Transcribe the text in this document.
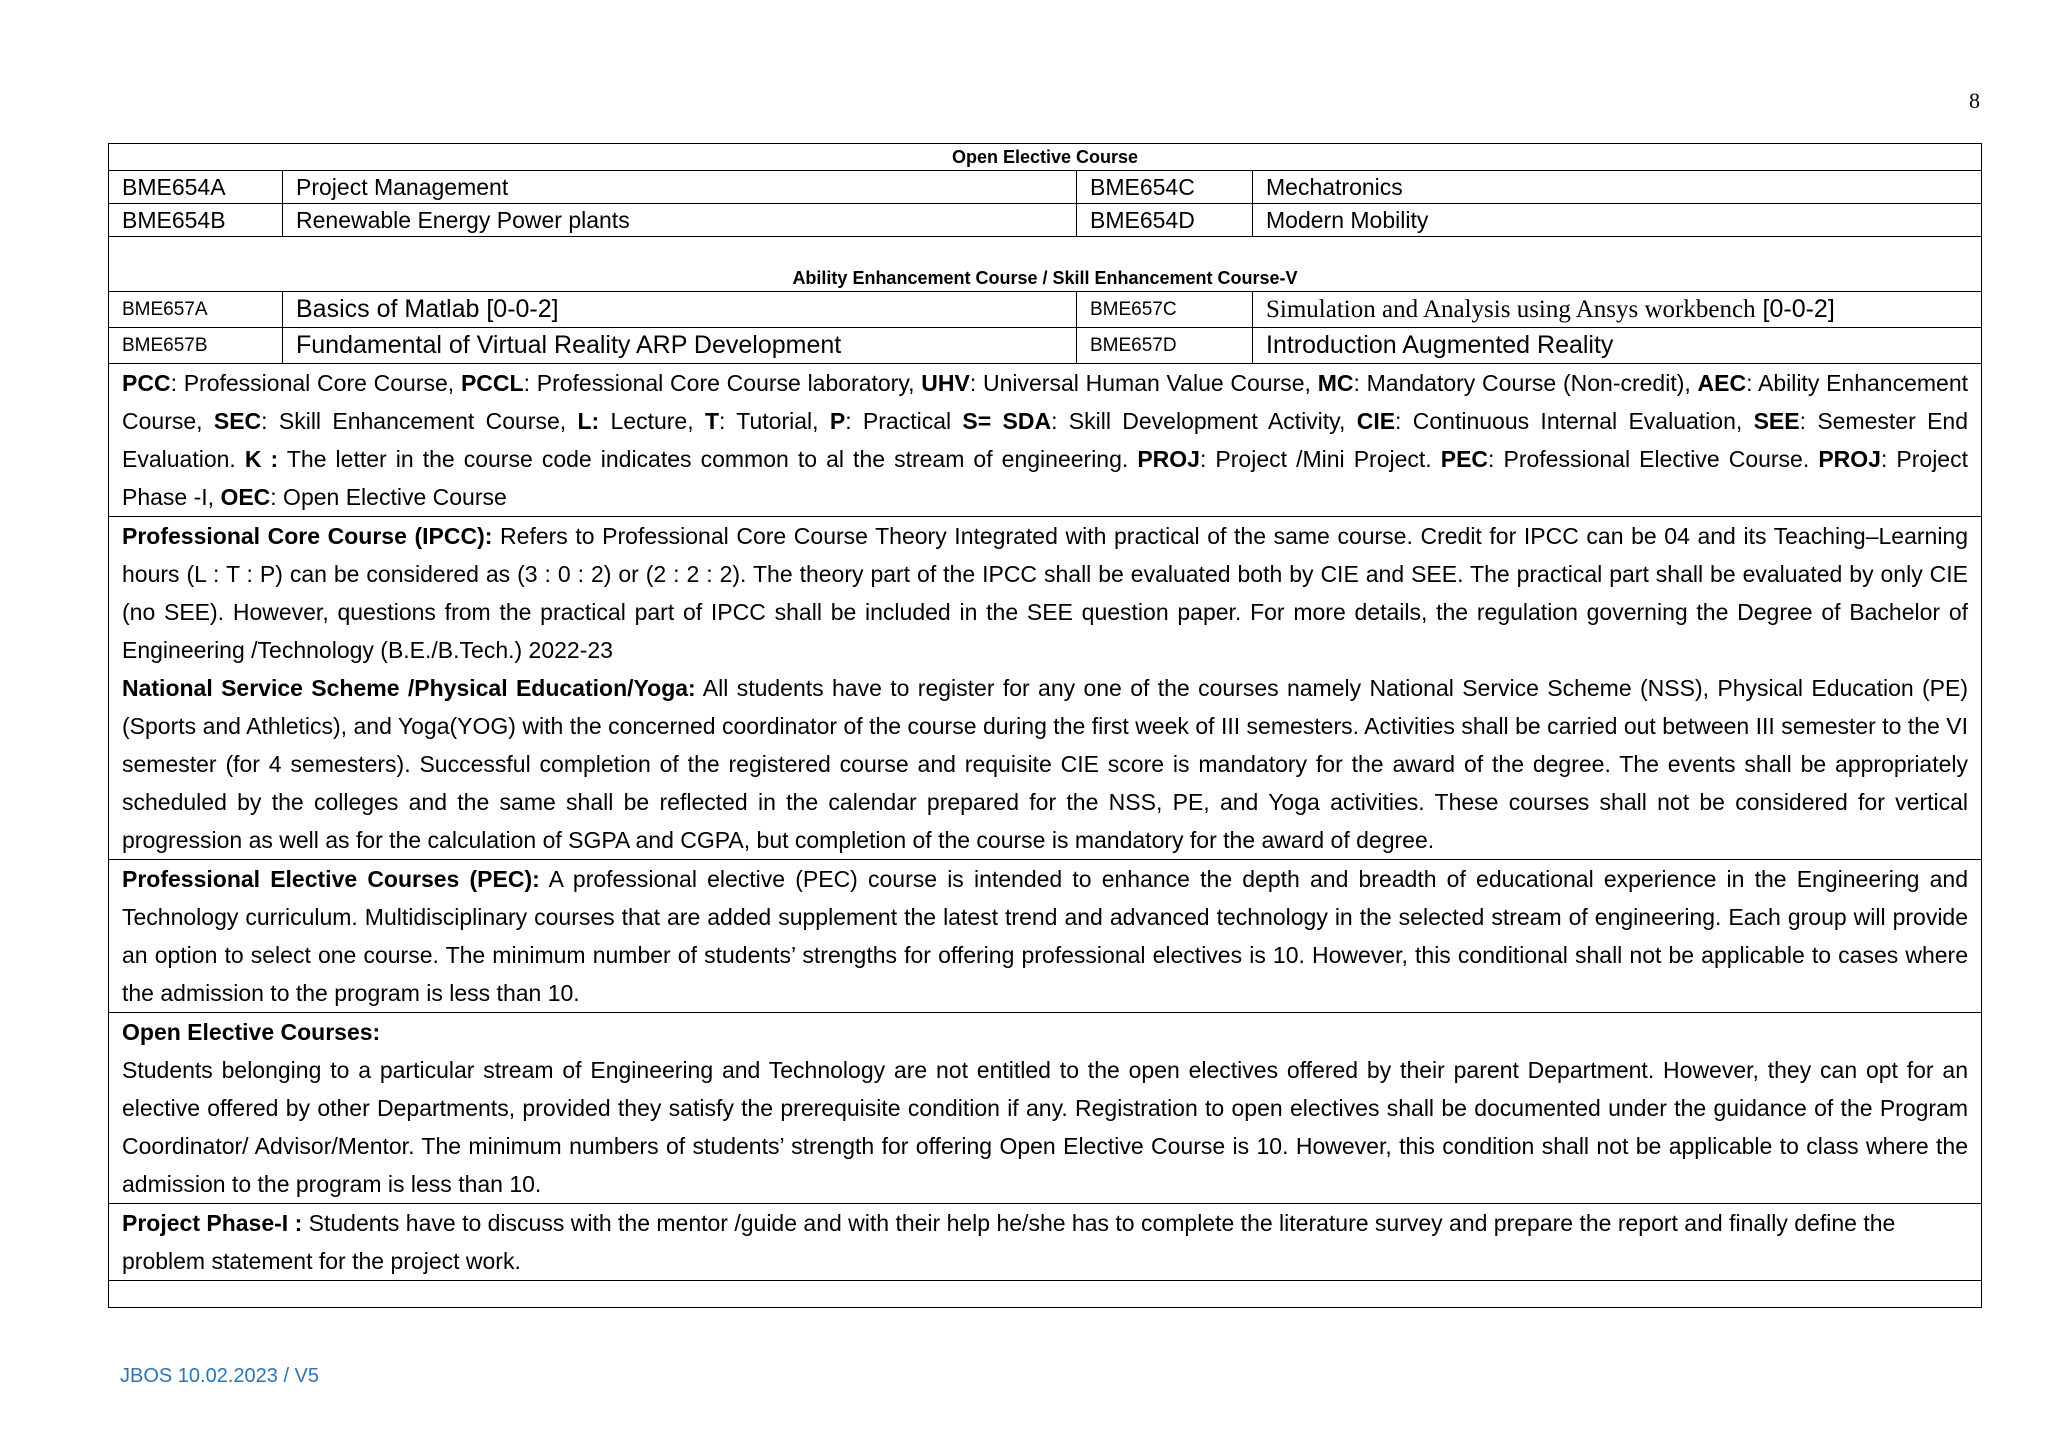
8
Open Elective Course			
BME654A	Project Management	BME654C	Mechatronics
BME654B	Renewable Energy Power plants	BME654D	Modern Mobility
Ability Enhancement Course / Skill Enhancement Course-V			
BME657A	Basics of Matlab [0-0-2]	BME657C	Simulation and Analysis using Ansys workbench [0-0-2]
BME657B	Fundamental of Virtual Reality ARP Development	BME657D	Introduction Augmented Reality

PCC: Professional Core Course, PCCL: Professional Core Course laboratory, UHV: Universal Human Value Course, MC: Mandatory Course (Non-credit), AEC: Ability Enhancement Course, SEC: Skill Enhancement Course, L: Lecture, T: Tutorial, P: Practical S= SDA: Skill Development Activity, CIE: Continuous Internal Evaluation, SEE: Semester End Evaluation. K : The letter in the course code indicates common to al the stream of engineering. PROJ: Project /Mini Project. PEC: Professional Elective Course. PROJ: Project Phase -I, OEC: Open Elective Course			

Professional Core Course (IPCC): Refers to Professional Core Course Theory Integrated with practical of the same course. Credit for IPCC can be 04 and its Teaching–Learning hours (L : T : P) can be considered as (3 : 0 : 2) or (2 : 2 : 2). The theory part of the IPCC shall be evaluated both by CIE and SEE. The practical part shall be evaluated by only CIE (no SEE). However, questions from the practical part of IPCC shall be included in the SEE question paper. For more details, the regulation governing the Degree of Bachelor of Engineering /Technology (B.E./B.Tech.) 2022-23

National Service Scheme /Physical Education/Yoga: All students have to register for any one of the courses namely National Service Scheme (NSS), Physical Education (PE)(Sports and Athletics), and Yoga(YOG) with the concerned coordinator of the course during the first week of III semesters. Activities shall be carried out between III semester to the VI semester (for 4 semesters). Successful completion of the registered course and requisite CIE score is mandatory for the award of the degree. The events shall be appropriately scheduled by the colleges and the same shall be reflected in the calendar prepared for the NSS, PE, and Yoga activities. These courses shall not be considered for vertical progression as well as for the calculation of SGPA and CGPA, but completion of the course is mandatory for the award of degree.			

Professional Elective Courses (PEC): A professional elective (PEC) course is intended to enhance the depth and breadth of educational experience in the Engineering and Technology curriculum. Multidisciplinary courses that are added supplement the latest trend and advanced technology in the selected stream of engineering. Each group will provide an option to select one course. The minimum number of students’ strengths for offering professional electives is 10. However, this conditional shall not be applicable to cases where the admission to the program is less than 10.			

Open Elective Courses:

Students belonging to a particular stream of Engineering and Technology are not entitled to the open electives offered by their parent Department. However, they can opt for an elective offered by other Departments, provided they satisfy the prerequisite condition if any. Registration to open electives shall be documented under the guidance of the Program Coordinator/ Advisor/Mentor. The minimum numbers of students’ strength for offering Open Elective Course is 10. However, this condition shall not be applicable to class where the admission to the program is less than 10.			

Project Phase-I : Students have to discuss with the mentor /guide and with their help he/she has to complete the literature survey and prepare the report and finally define the problem statement for the project work.			

JBOS 10.02.2023 / V5
